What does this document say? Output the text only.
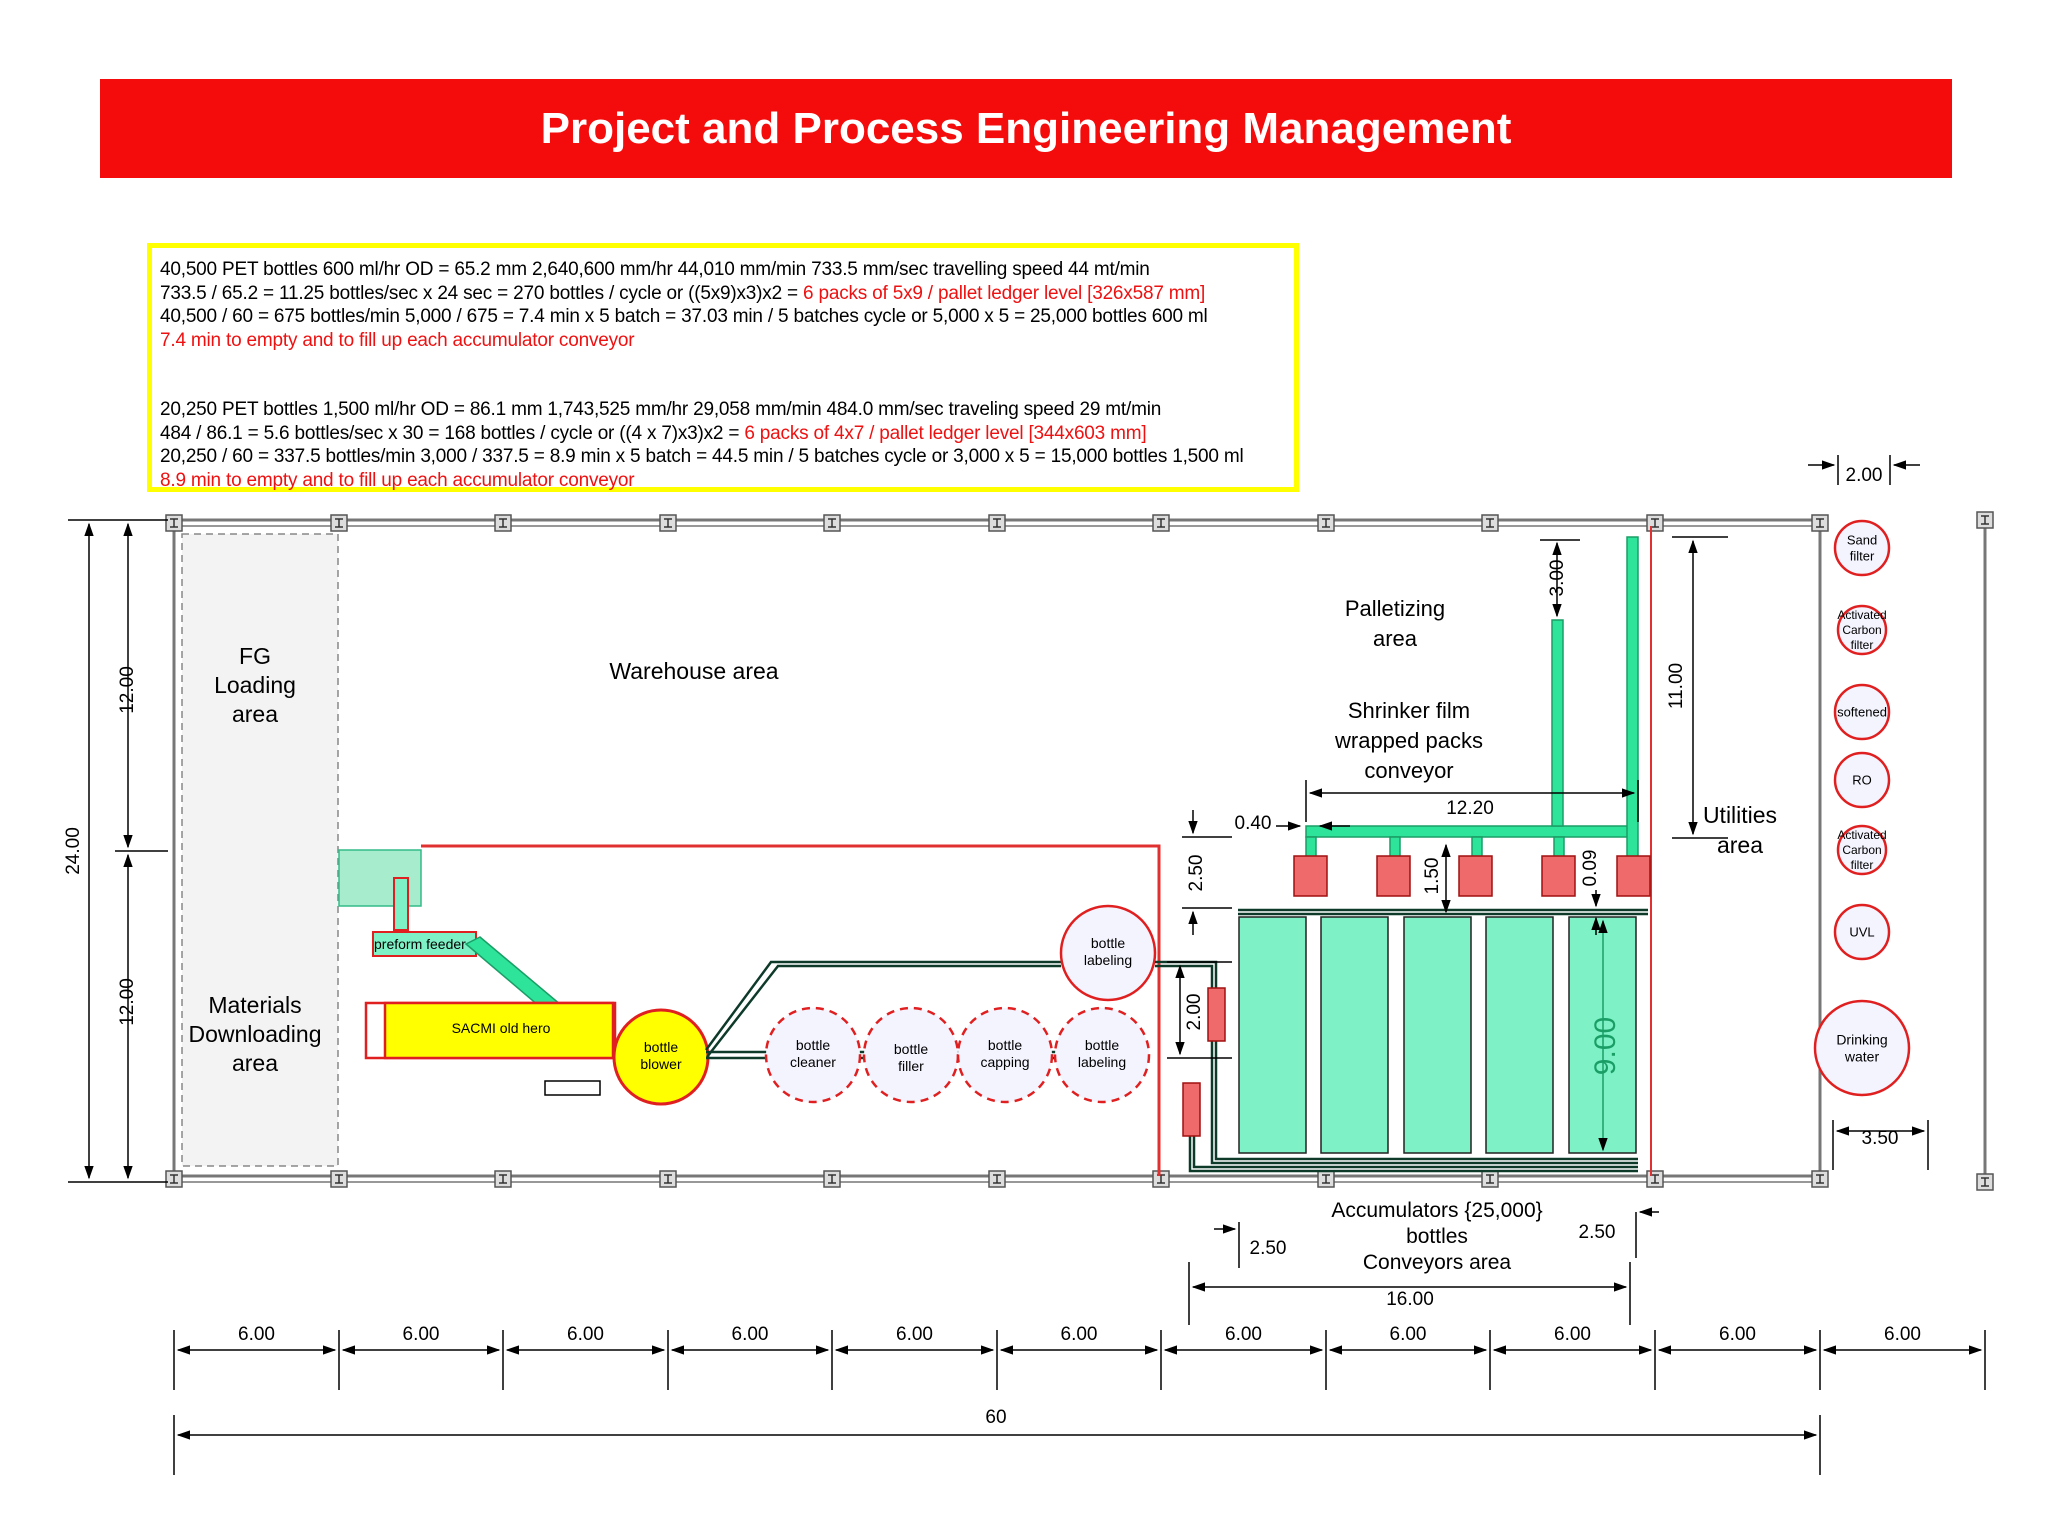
Project and Process Engineering Management
40,500 PET bottles 600 ml/hr OD = 65.2 mm 2,640,600 mm/hr 44,010 mm/min 733.5 mm/sec travelling speed 44 mt/min
733.5 / 65.2 = 11.25 bottles/sec x 24 sec = 270 bottles / cycle or ((5x9)x3)x2 = 6 packs of 5x9 / pallet ledger level [326x587 mm]
40,500 / 60 = 675 bottles/min 5,000 / 675 = 7.4 min x 5 batch = 37.03 min / 5 batches cycle or 5,000 x 5 = 25,000 bottles 600 ml
7.4 min to empty and to fill up each accumulator conveyor
20,250 PET bottles 1,500 ml/hr OD = 86.1 mm 1,743,525 mm/hr 29,058 mm/min 484.0 mm/sec traveling speed 29 mt/min
484 / 86.1 = 5.6 bottles/sec x 30 = 168 bottles / cycle or ((4 x 7)x3)x2 = 6 packs of 4x7 / pallet ledger level [344x603 mm]
20,250 / 60 = 337.5 bottles/min 3,000 / 337.5 = 8.9 min x 5 batch = 44.5 min / 5 batches cycle or 3,000 x 5 = 15,000 bottles 1,500 ml
8.9 min to empty and to fill up each accumulator conveyor
FG
Loading
area
Materials
Downloading
area
Warehouse area
preform feeder
SACMI old hero
bottle
blower
bottle
cleaner
bottle
filler
bottle
capping
bottle
labeling
bottle
labeling
Palletizing
area
Shrinker film
wrapped packs
conveyor
Utilities
area
Accumulators {25,000}
bottles
Conveyors area
Sand
filter
Activated
Carbon
filter
softened
RO
Activated
Carbon
filter
UVL
Drinking
water
6.00	6.00	6.00	6.00	6.00	6.00	6.00	6.00	6.00	6.00	6.00
60
24.00
12.00
12.00
11.00
3.00
12.20
0.40
2.50	1.50	0.09
2.00
9.00
2.50
2.50
16.00
2.00
3.50
